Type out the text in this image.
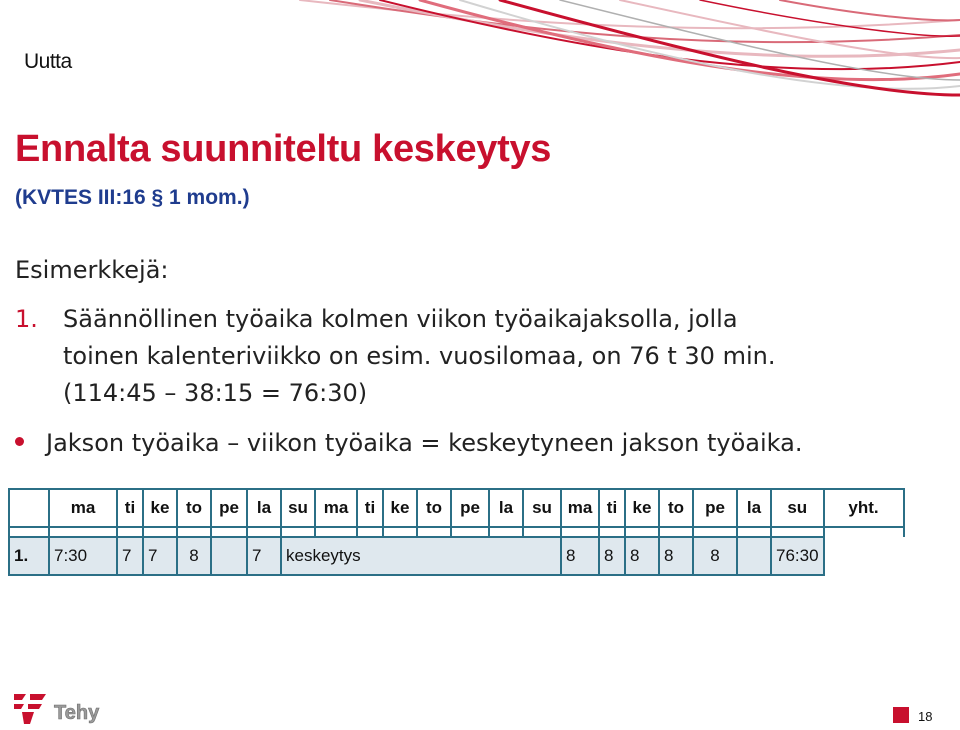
Uutta
Ennalta suunniteltu keskeytys
(KVTES III:16 § 1 mom.)
Esimerkkejä:
1. Säännöllinen työaika kolmen viikon työaikajaksolla, jolla
toinen kalenteriviikko on esim. vuosilomaa, on 76 t 30 min.
(114:45 – 38:15 = 76:30)
Jakson työaika – viikon työaika = keskeytyneen jakson työaika.
	ma	ti	ke	to	pe	la	su	ma	ti	ke	to	pe	la	su	ma	ti	ke	to	pe	la	su	yht.

1.	7:30	7	7	8		7	keskeytys								8	8	8	8	8		76:30	
Tehy	18
